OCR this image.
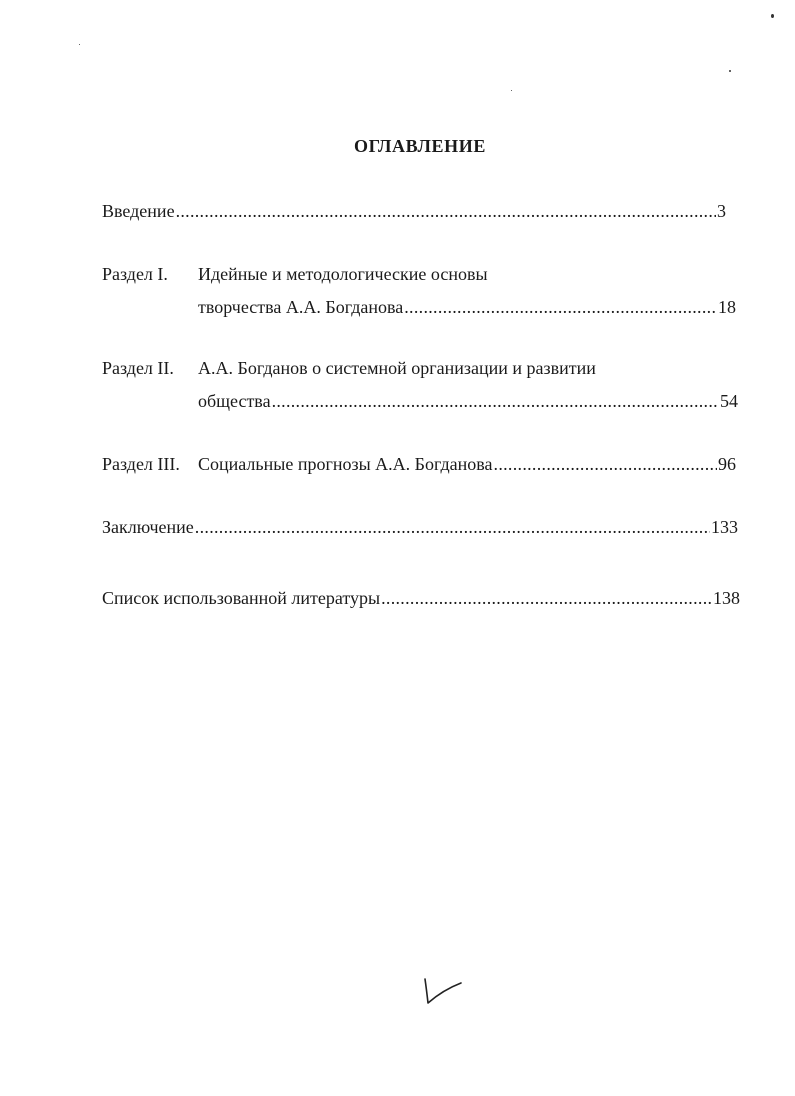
ОГЛАВЛЕНИЕ
Введение .....	3
Раздел I. Идейные и методологические основы
творчества А.А. Богданова .....	18
Раздел II. А.А. Богданов о системной организации и развитии
общества .....	54
Раздел III. Социальные прогнозы А.А. Богданова .....	96
Заключение .....	133
Список использованной литературы .....	138
